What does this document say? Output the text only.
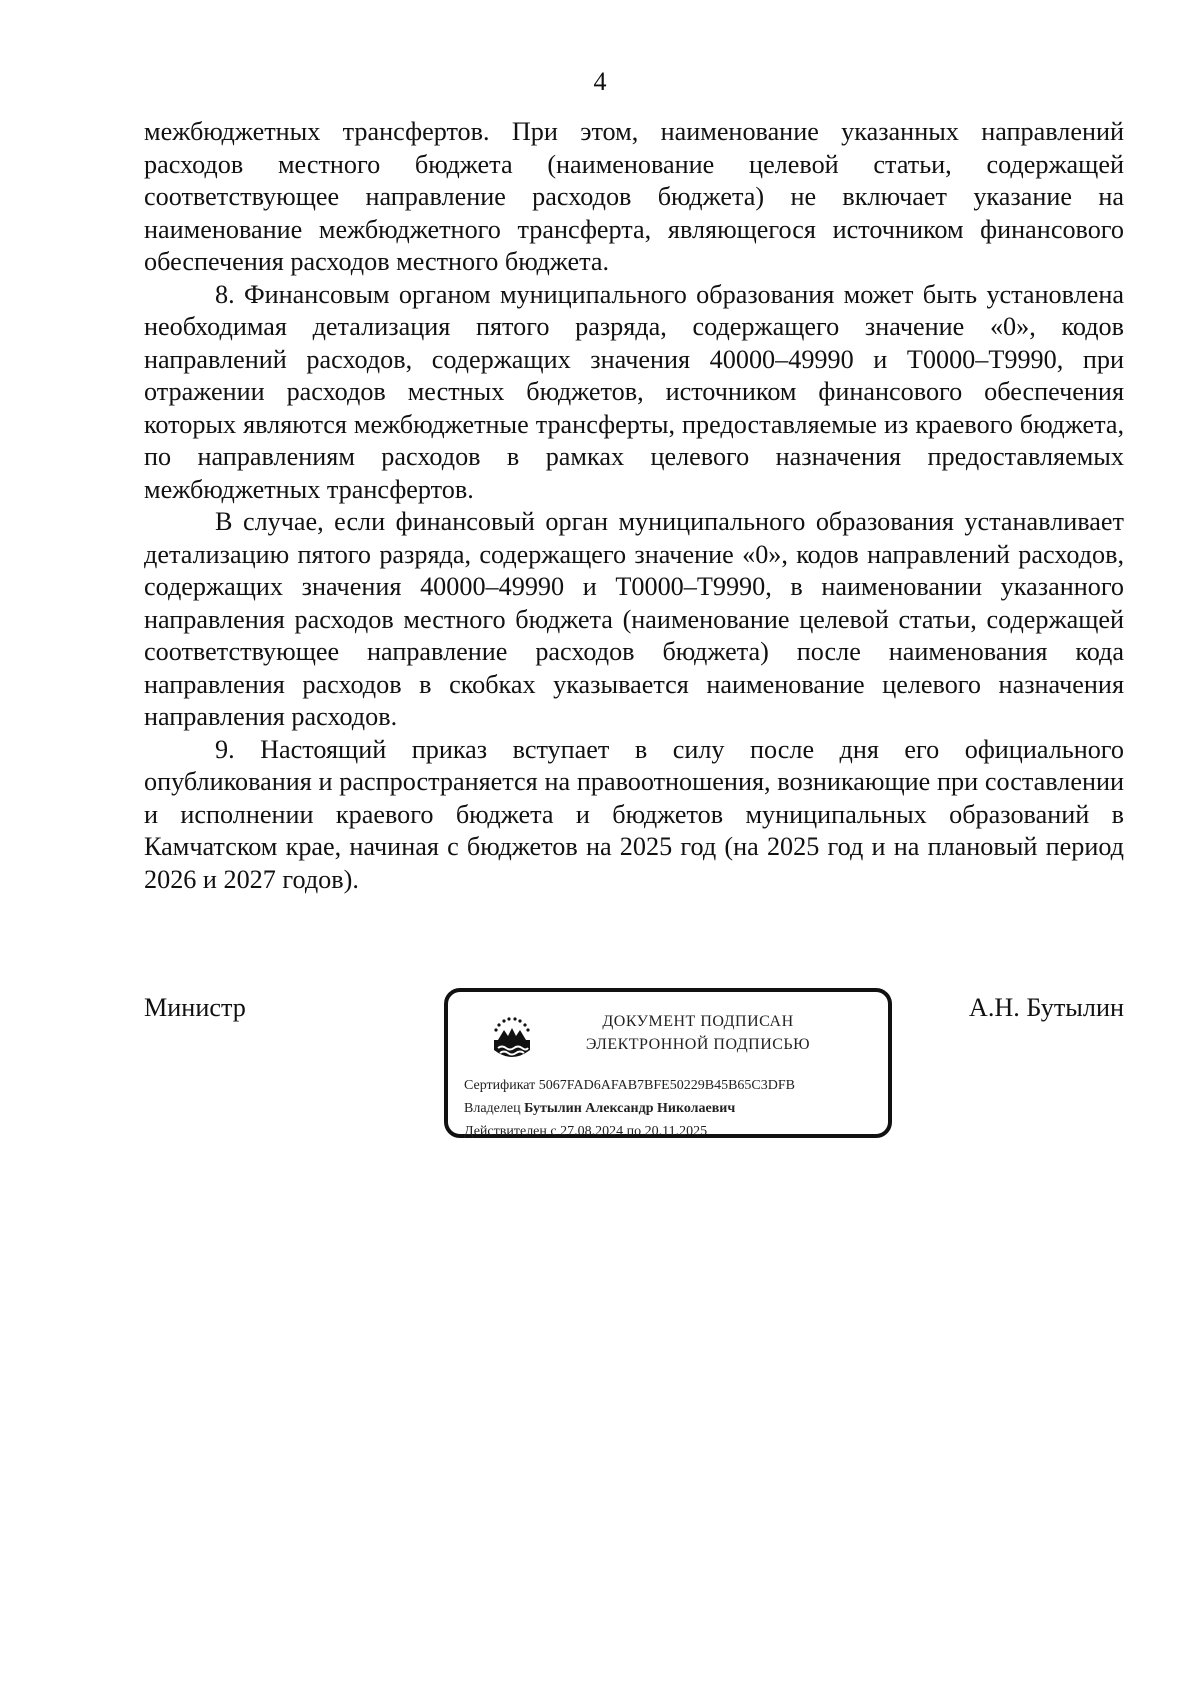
4

межбюджетных трансфертов. При этом, наименование указанных направлений расходов местного бюджета (наименование целевой статьи, содержащей соответствующее направление расходов бюджета) не включает указание на наименование межбюджетного трансферта, являющегося источником финансового обеспечения расходов местного бюджета.

8. Финансовым органом муниципального образования может быть установлена необходимая детализация пятого разряда, содержащего значение «0», кодов направлений расходов, содержащих значения 40000–49990 и Т0000–Т9990, при отражении расходов местных бюджетов, источником финансового обеспечения которых являются межбюджетные трансферты, предоставляемые из краевого бюджета, по направлениям расходов в рамках целевого назначения предоставляемых межбюджетных трансфертов.

В случае, если финансовый орган муниципального образования устанавливает детализацию пятого разряда, содержащего значение «0», кодов направлений расходов, содержащих значения 40000–49990 и Т0000–Т9990, в наименовании указанного направления расходов местного бюджета (наименование целевой статьи, содержащей соответствующее направление расходов бюджета) после наименования кода направления расходов в скобках указывается наименование целевого назначения направления расходов.

9. Настоящий приказ вступает в силу после дня его официального опубликования и распространяется на правоотношения, возникающие при составлении и исполнении краевого бюджета и бюджетов муниципальных образований в Камчатском крае, начиная с бюджетов на 2025 год (на 2025 год и на плановый период 2026 и 2027 годов).

Министр	ДОКУМЕНТ ПОДПИСАН
ЭЛЕКТРОННОЙ ПОДПИСЬЮ
Сертификат 5067FAD6AFAB7BFE50229B45B65C3DFB
Владелец Бутылин Александр Николаевич
Действителен с 27.08.2024 по 20.11.2025
А.Н. Бутылин
